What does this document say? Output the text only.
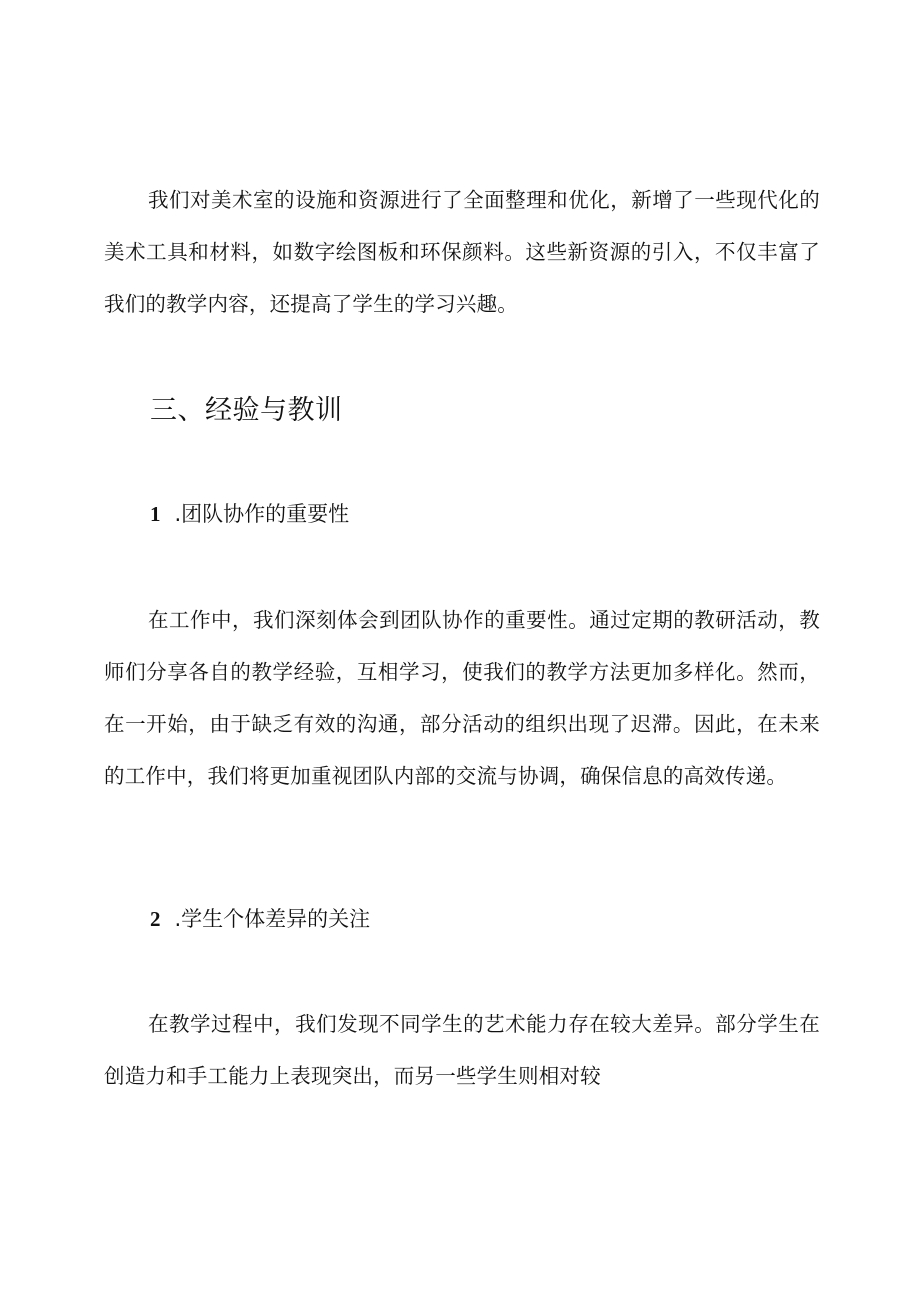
我们对美术室的设施和资源进行了全面整理和优化，新增了一些现代化的美术工具和材料，如数字绘图板和环保颜料。这些新资源的引入，不仅丰富了我们的教学内容，还提高了学生的学习兴趣。

三、经验与教训
1 .团队协作的重要性

在工作中，我们深刻体会到团队协作的重要性。通过定期的教研活动，教师们分享各自的教学经验，互相学习，使我们的教学方法更加多样化。然而，在一开始，由于缺乏有效的沟通，部分活动的组织出现了迟滞。因此，在未来的工作中，我们将更加重视团队内部的交流与协调，确保信息的高效传递。

2 .学生个体差异的关注

在教学过程中，我们发现不同学生的艺术能力存在较大差异。部分学生在创造力和手工能力上表现突出，而另一些学生则相对较
